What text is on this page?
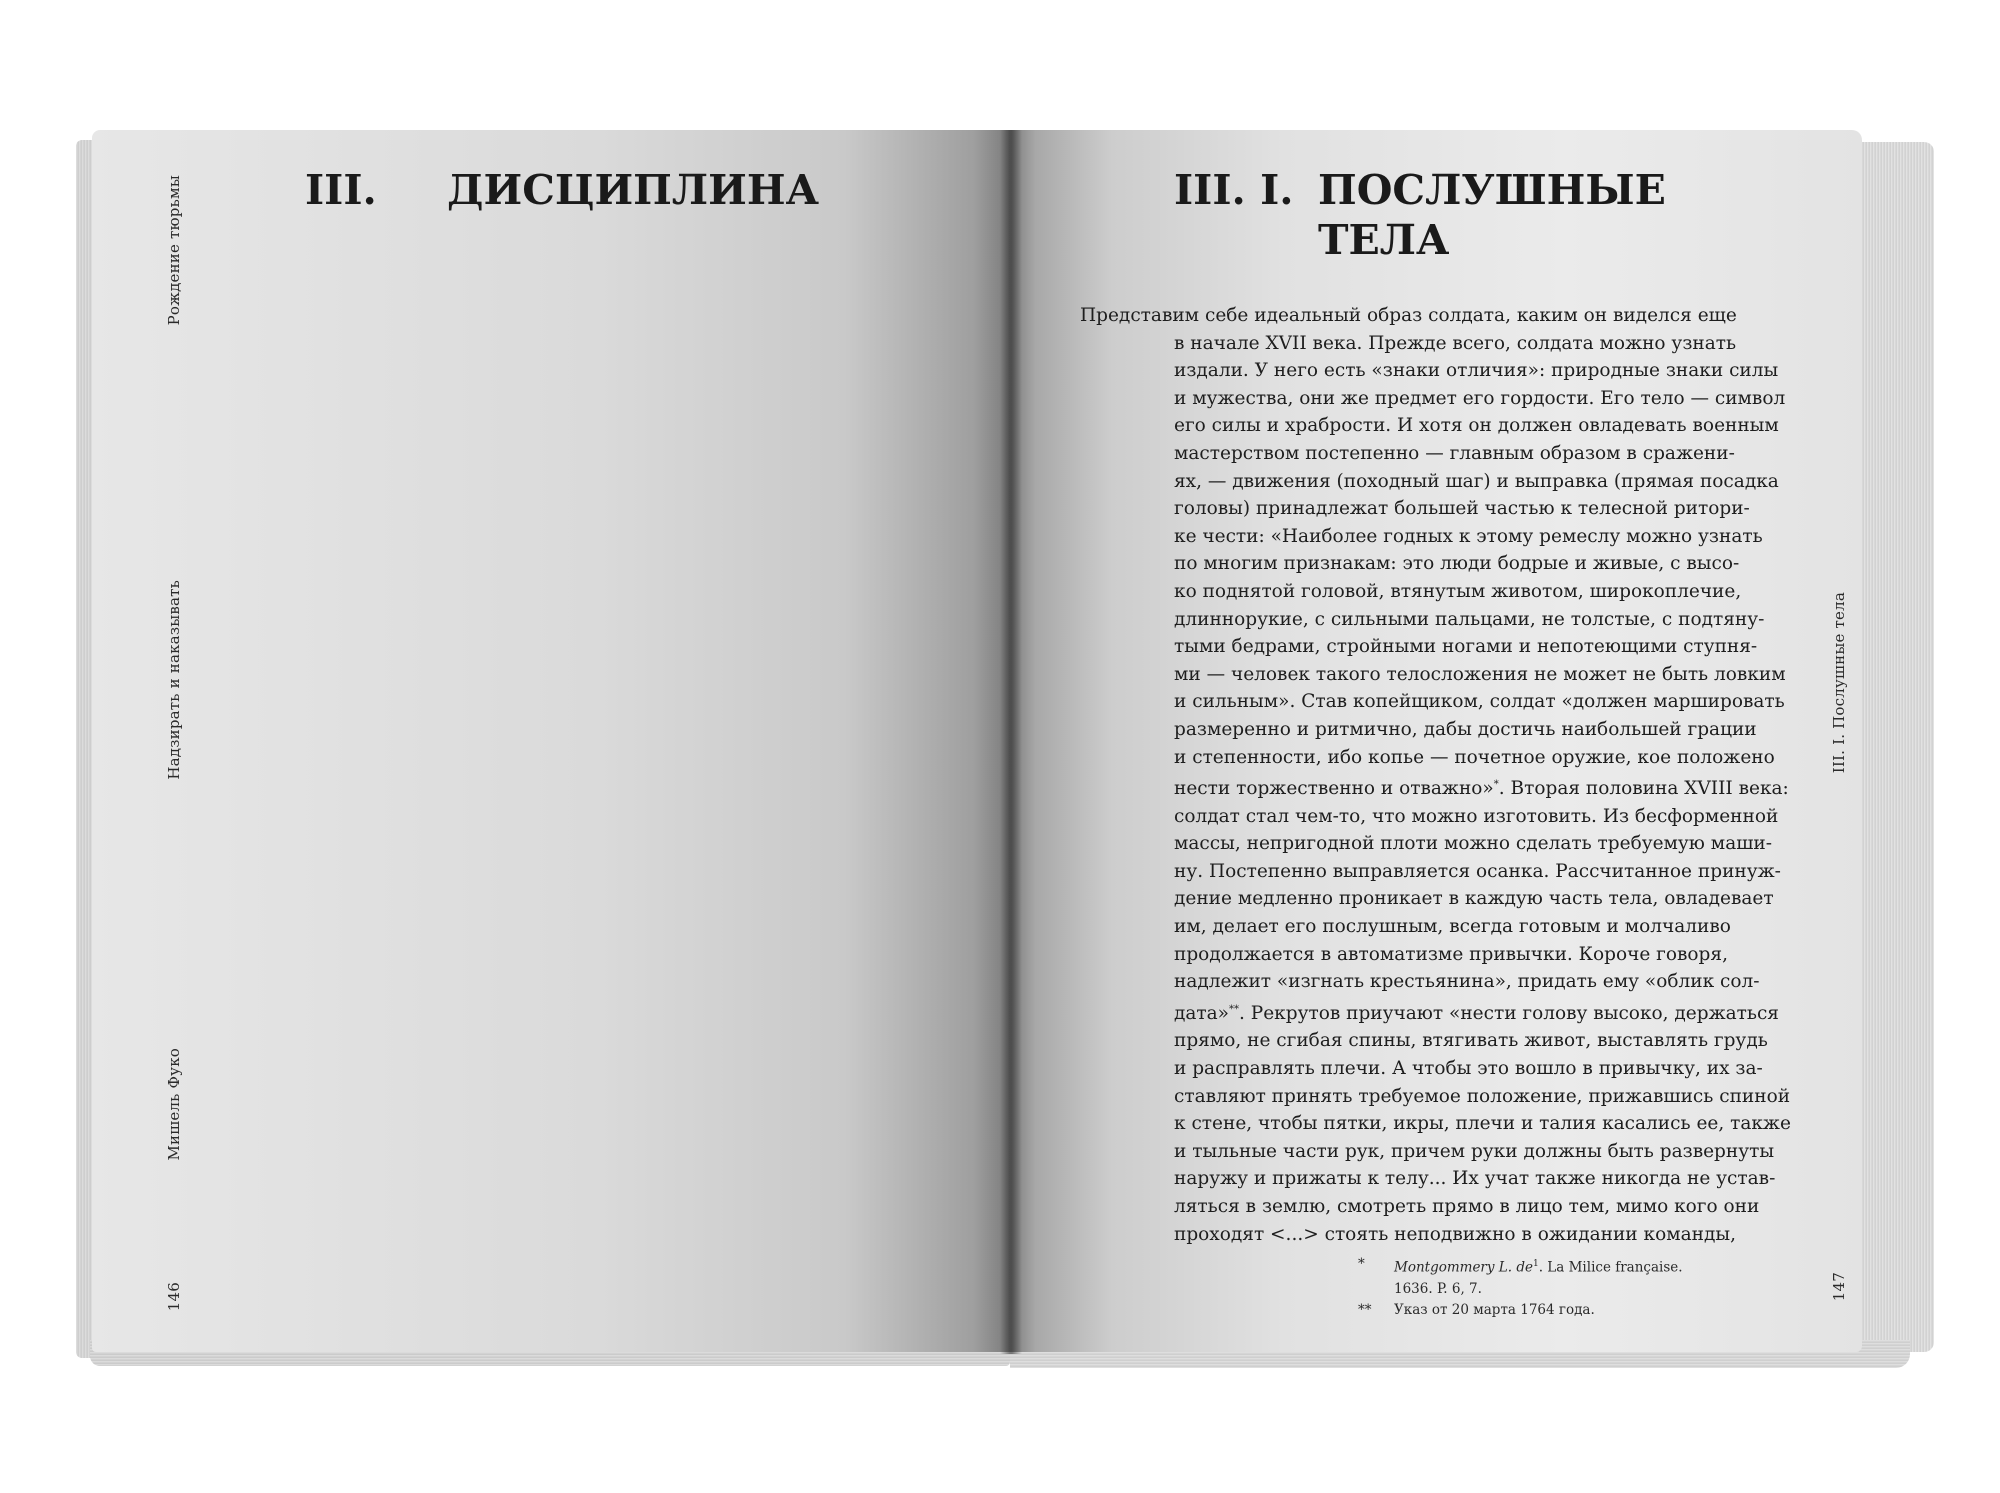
Рождение тюрьмы
Надзирать и наказывать
Мишель Фуко
146
III. ДИСЦИПЛИНА	III. I. ПОСЛУШНЫЕ
ТЕЛА
III. I. Послушные тела
147
Представим себе идеальный образ солдата, каким он виделся еще
в начале XVII века. Прежде всего, солдата можно узнать
издали. У него есть «знаки отличия»: природные знаки силы
и мужества, они же предмет его гордости. Его тело — символ
его силы и храбрости. И хотя он должен овладевать военным
мастерством постепенно — главным образом в сражени-
ях, — движения (походный шаг) и выправка (прямая посадка
головы) принадлежат большей частью к телесной ритори-
ке чести: «Наиболее годных к этому ремеслу можно узнать
по многим признакам: это люди бодрые и живые, с высо-
ко поднятой головой, втянутым животом, широкоплечие,
длиннорукие, с сильными пальцами, не толстые, с подтяну-
тыми бедрами, стройными ногами и непотеющими ступня-
ми — человек такого телосложения не может не быть ловким
и сильным». Став копейщиком, солдат «должен маршировать
размеренно и ритмично, дабы достичь наибольшей грации
и степенности, ибо копье — почетное оружие, кое положено
нести торжественно и отважно»*. Вторая половина XVIII века:
солдат стал чем-то, что можно изготовить. Из бесформенной
массы, непригодной плоти можно сделать требуемую маши-
ну. Постепенно выправляется осанка. Рассчитанное принуж-
дение медленно проникает в каждую часть тела, овладевает
им, делает его послушным, всегда готовым и молчаливо
продолжается в автоматизме привычки. Короче говоря,
надлежит «изгнать крестьянина», придать ему «облик сол-
дата»**. Рекрутов приучают «нести голову высоко, держаться
прямо, не сгибая спины, втягивать живот, выставлять грудь
и расправлять плечи. А чтобы это вошло в привычку, их за-
ставляют принять требуемое положение, прижавшись спиной
к стене, чтобы пятки, икры, плечи и талия касались ее, также
и тыльные части рук, причем руки должны быть развернуты
наружу и прижаты к телу... Их учат также никогда не устав-
ляться в землю, смотреть прямо в лицо тем, мимо кого они
проходят <...> стоять неподвижно в ожидании команды,
*	Montgommery L. $de^1$. La Milice française.
1636. P. 6, 7.
**	Указ от 20 марта 1764 года.
